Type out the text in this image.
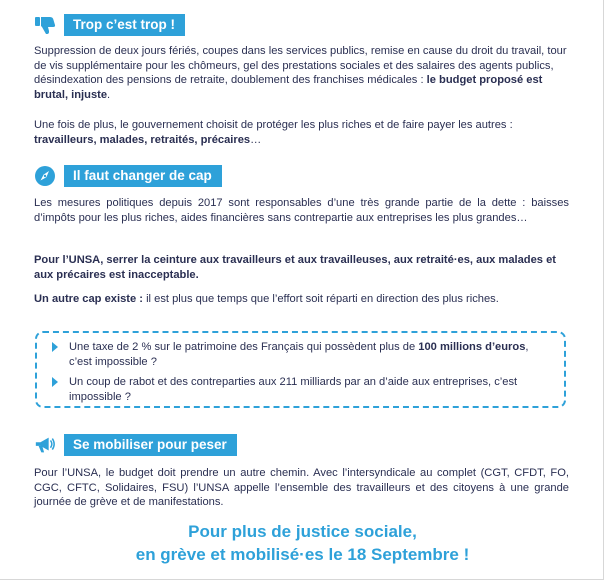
Trop c’est trop !
Suppression de deux jours fériés, coupes dans les services publics, remise en cause du droit du travail, tour de vis supplémentaire pour les chômeurs, gel des prestations sociales et des salaires des agents publics, désindexation des pensions de retraite, doublement des franchises médicales : le budget proposé est brutal, injuste.
Une fois de plus, le gouvernement choisit de protéger les plus riches et de faire payer les autres : travailleurs, malades, retraités, précaires…
Il faut changer de cap
Les mesures politiques depuis 2017 sont responsables d’une très grande partie de la dette : baisses d’impôts pour les plus riches, aides financières sans contrepartie aux entreprises les plus grandes…
Pour l’UNSA, serrer la ceinture aux travailleurs et aux travailleuses, aux retraité·es, aux malades et aux précaires est inacceptable.
Un autre cap existe : il est plus que temps que l’effort soit réparti en direction des plus riches.
Une taxe de 2 % sur le patrimoine des Français qui possèdent plus de 100 millions d’euros, c’est impossible ?
Un coup de rabot et des contreparties aux 211 milliards par an d’aide aux entreprises, c’est impossible ?
Se mobiliser pour peser
Pour l’UNSA, le budget doit prendre un autre chemin. Avec l’intersyndicale au complet (CGT, CFDT, FO, CGC, CFTC, Solidaires, FSU) l’UNSA appelle l’ensemble des travailleurs et des citoyens à une grande journée de grève et de manifestations.
Pour plus de justice sociale,
en grève et mobilisé·es le 18 Septembre !
